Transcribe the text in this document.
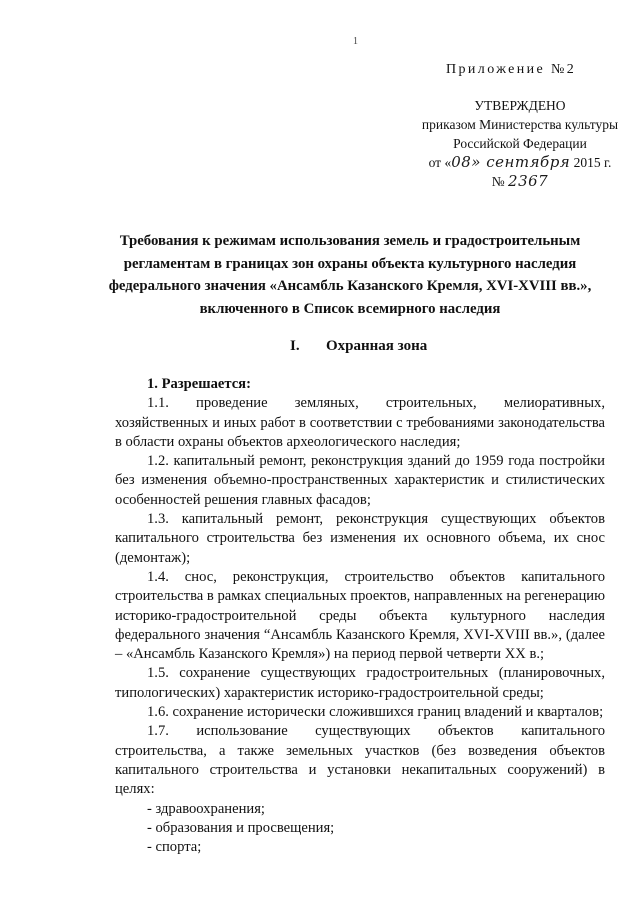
1
Приложение №2
УТВЕРЖДЕНО
приказом Министерства культуры
Российской Федерации
от «08» сентября 2015 г.
№ 2367
Требования к режимам использования земель и градостроительным
регламентам в границах зон охраны объекта культурного наследия
федерального значения «Ансамбль Казанского Кремля, XVI-XVIII вв.»,
включенного в Список всемирного наследия
I. Охранная зона

1. Разрешается:

1.1. проведение земляных, строительных, мелиоративных, хозяйственных и иных работ в соответствии с требованиями законодательства в области охраны объектов археологического наследия;

1.2. капитальный ремонт, реконструкция зданий до 1959 года постройки без изменения объемно-пространственных характеристик и стилистических особенностей решения главных фасадов;

1.3. капитальный ремонт, реконструкция существующих объектов капитального строительства без изменения их основного объема, их снос (демонтаж);

1.4. снос, реконструкция, строительство объектов капитального строительства в рамках специальных проектов, направленных на регенерацию историко-градостроительной среды объекта культурного наследия федерального значения “Ансамбль Казанского Кремля, XVI-XVIII вв.», (далее – «Ансамбль Казанского Кремля») на период первой четверти XX в.;

1.5. сохранение существующих градостроительных (планировочных, типологических) характеристик историко-градостроительной среды;

1.6. сохранение исторически сложившихся границ владений и кварталов;

1.7. использование существующих объектов капитального строительства, а также земельных участков (без возведения объектов капитального строительства и установки некапитальных сооружений) в целях:

- здравоохранения;

- образования и просвещения;

- спорта;
